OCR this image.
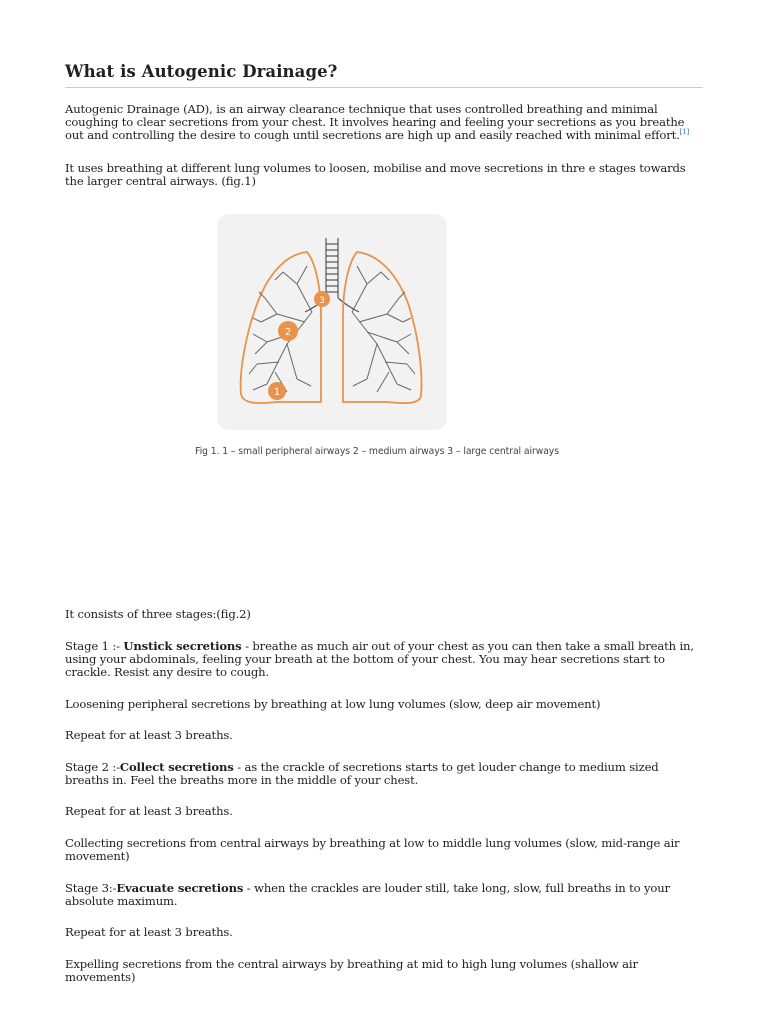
What is Autogenic Drainage?

Autogenic Drainage (AD), is an airway clearance technique that uses controlled breathing and minimal coughing to clear secretions from your chest. It involves hearing and feeling your secretions as you breathe out and controlling the desire to cough until secretions are high up and easily reached with minimal effort.[1]

It uses breathing at different lung volumes to loosen, mobilise and move secretions in thre e stages towards the larger central airways. (fig.1)

1
2
3
Fig 1. 1 – small peripheral airways 2 – medium airways 3 – large central airways

It consists of three stages:(fig.2)

Stage 1 :- Unstick secretions - breathe as much air out of your chest as you can then take a small breath in, using your abdominals, feeling your breath at the bottom of your chest. You may hear secretions start to crackle. Resist any desire to cough.

Loosening peripheral secretions by breathing at low lung volumes (slow, deep air movement)

Repeat for at least 3 breaths.

Stage 2 :-Collect secretions - as the crackle of secretions starts to get louder change to medium sized breaths in. Feel the breaths more in the middle of your chest.

Repeat for at least 3 breaths.

Collecting secretions from central airways by breathing at low to middle lung volumes (slow, mid-range air movement)

Stage 3:-Evacuate secretions - when the crackles are louder still, take long, slow, full breaths in to your absolute maximum.

Repeat for at least 3 breaths.

Expelling secretions from the central airways by breathing at mid to high lung volumes (shallow air movements)
